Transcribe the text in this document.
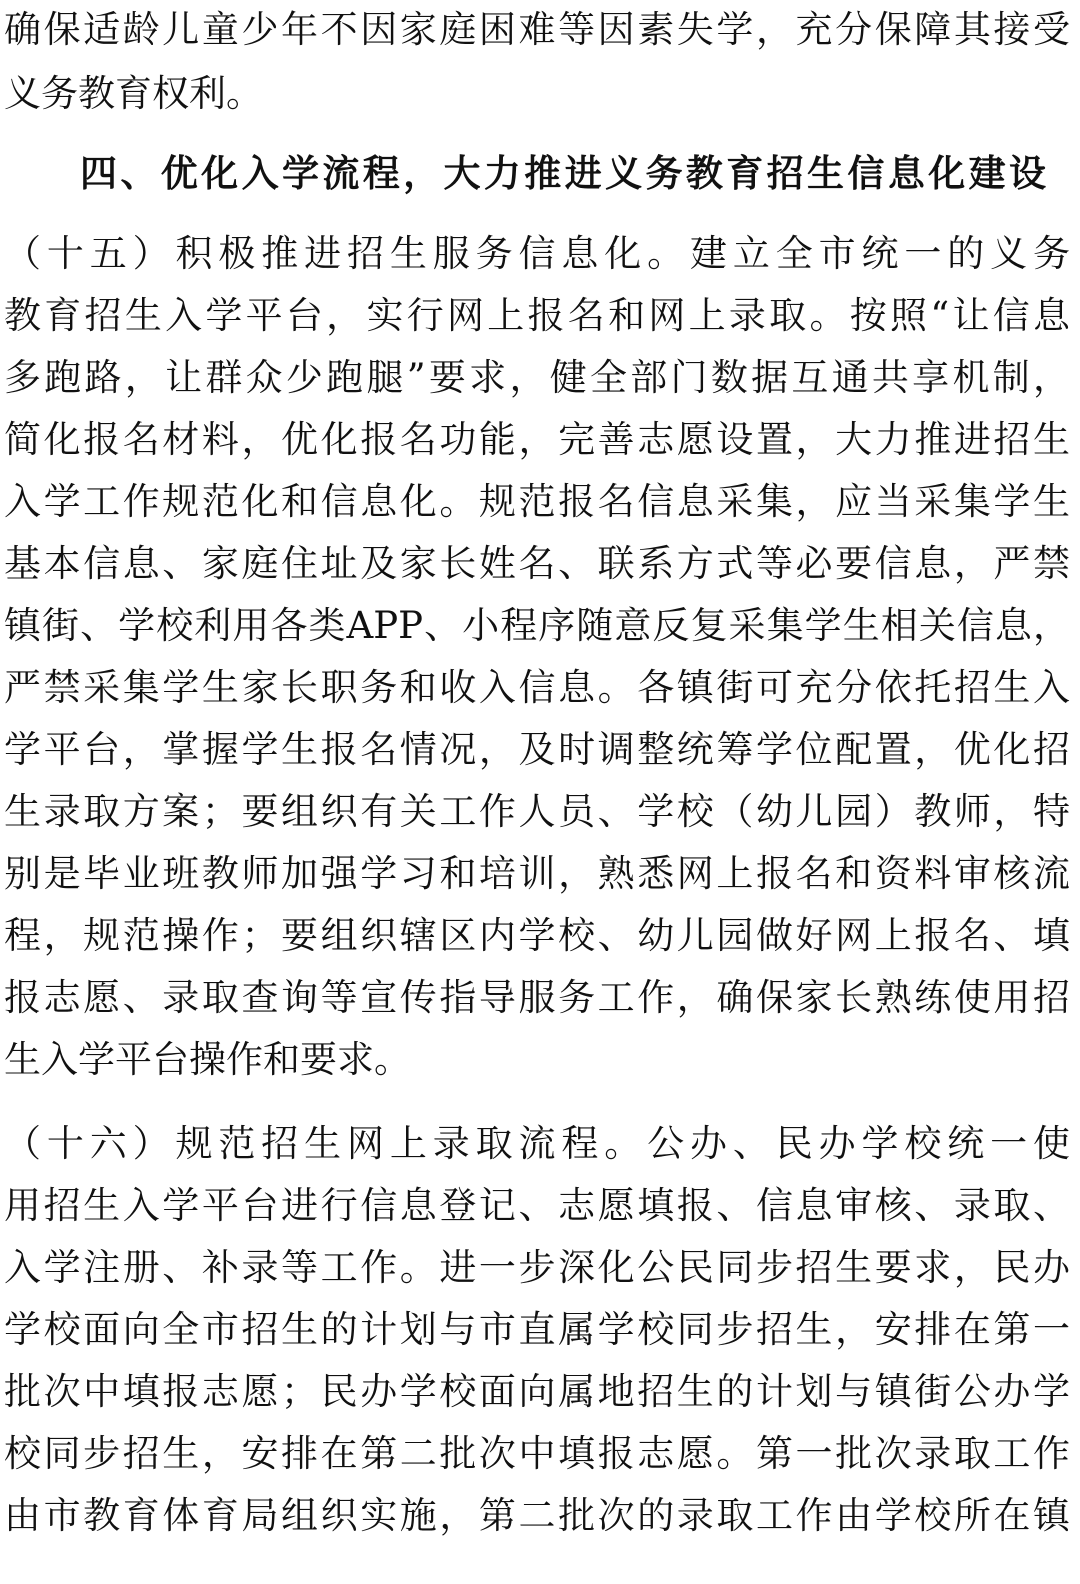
确保适龄儿童少年不因家庭困难等因素失学，充分保障其接受
义务教育权利。
四、优化入学流程，大力推进义务教育招生信息化建设
（十五）积极推进招生服务信息化。建立全市统一的义务
教育招生入学平台，实行网上报名和网上录取。按照“让信息
多跑路，让群众少跑腿”要求，健全部门数据互通共享机制，
简化报名材料，优化报名功能，完善志愿设置，大力推进招生
入学工作规范化和信息化。规范报名信息采集，应当采集学生
基本信息、家庭住址及家长姓名、联系方式等必要信息，严禁
镇街、学校利用各类APP、小程序随意反复采集学生相关信息，
严禁采集学生家长职务和收入信息。各镇街可充分依托招生入
学平台，掌握学生报名情况，及时调整统筹学位配置，优化招
生录取方案；要组织有关工作人员、学校（幼儿园）教师，特
别是毕业班教师加强学习和培训，熟悉网上报名和资料审核流
程，规范操作；要组织辖区内学校、幼儿园做好网上报名、填
报志愿、录取查询等宣传指导服务工作，确保家长熟练使用招
生入学平台操作和要求。
（十六）规范招生网上录取流程。公办、民办学校统一使
用招生入学平台进行信息登记、志愿填报、信息审核、录取、
入学注册、补录等工作。进一步深化公民同步招生要求，民办
学校面向全市招生的计划与市直属学校同步招生，安排在第一
批次中填报志愿；民办学校面向属地招生的计划与镇街公办学
校同步招生，安排在第二批次中填报志愿。第一批次录取工作
由市教育体育局组织实施，第二批次的录取工作由学校所在镇
